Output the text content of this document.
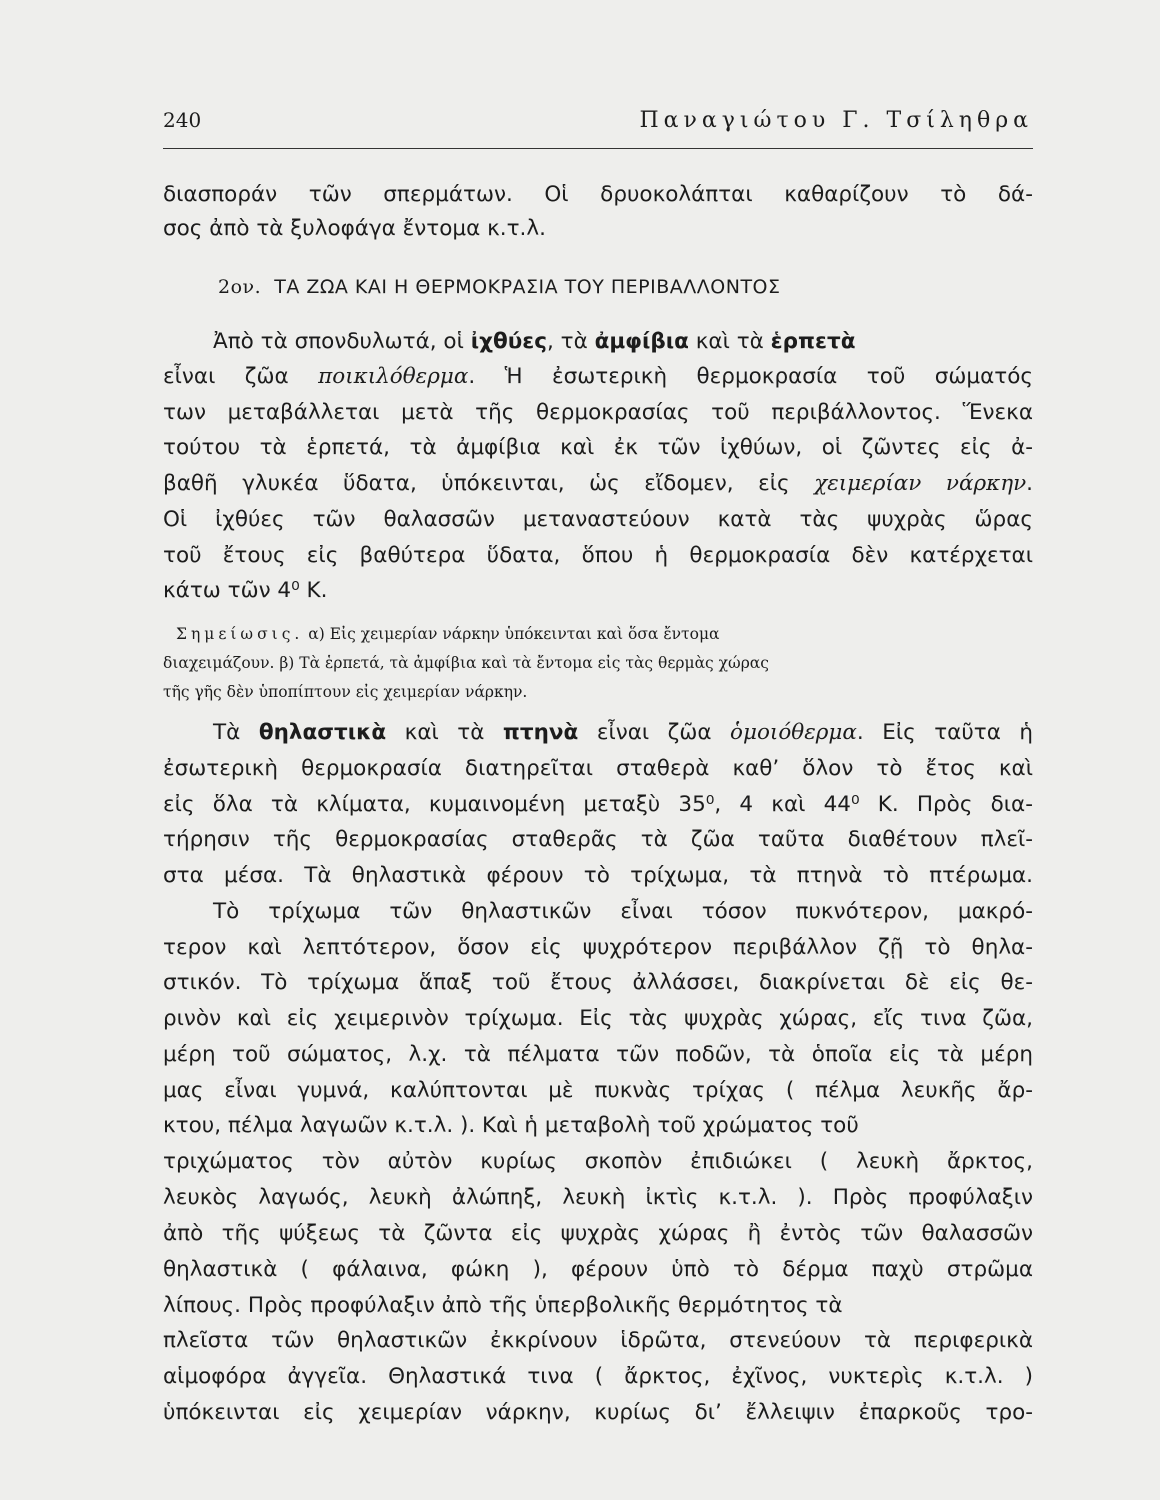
240	Παναγιώτου Γ. Τσίληθρα
διασποράν τῶν σπερμάτων. Οἱ δρυοκολάπται καθαρίζουν τὸ δά-
σος ἀπὸ τὰ ξυλοφάγα ἔντομα κ.τ.λ.
2ον. ΤΑ ΖΩΑ ΚΑΙ Η ΘΕΡΜΟΚΡΑΣΙΑ ΤΟΥ ΠΕΡΙΒΑΛΛΟΝΤΟΣ
Ἀπὸ τὰ σπονδυλωτά, οἱ ἰχθύες, τὰ ἀμφίβια καὶ τὰ ἑρπετὰ
εἶναι ζῶα ποικιλόθερμα. Ἡ ἐσωτερικὴ θερμοκρασία τοῦ σώματός
των μεταβάλλεται μετὰ τῆς θερμοκρασίας τοῦ περιβάλλοντος. Ἕνεκα
τούτου τὰ ἑρπετά, τὰ ἀμφίβια καὶ ἐκ τῶν ἰχθύων, οἱ ζῶντες εἰς ἀ-
βαθῆ γλυκέα ὕδατα, ὑπόκεινται, ὡς εἴδομεν, εἰς χειμερίαν νάρκην.
Οἱ ἰχθύες τῶν θαλασσῶν μεταναστεύουν κατὰ τὰς ψυχρὰς ὥρας
τοῦ ἔτους εἰς βαθύτερα ὕδατα, ὅπου ἡ θερμοκρασία δὲν κατέρχεται
κάτω τῶν 4⁰ Κ.
Σημείωσις. α) Εἰς χειμερίαν νάρκην ὑπόκεινται καὶ ὅσα ἔντομα
διαχειμάζουν. β) Τὰ ἑρπετά, τὰ ἀμφίβια καὶ τὰ ἔντομα εἰς τὰς θερμὰς χώρας
τῆς γῆς δὲν ὑποπίπτουν εἰς χειμερίαν νάρκην.
Τὰ θηλαστικὰ καὶ τὰ πτηνὰ εἶναι ζῶα ὁμοιόθερμα. Εἰς ταῦτα ἡ
ἐσωτερικὴ θερμοκρασία διατηρεῖται σταθερὰ καθ’ ὅλον τὸ ἔτος καὶ
εἰς ὅλα τὰ κλίματα, κυμαινομένη μεταξὺ 35⁰, 4 καὶ 44⁰ Κ. Πρὸς δια-
τήρησιν τῆς θερμοκρασίας σταθερᾶς τὰ ζῶα ταῦτα διαθέτουν πλεῖ-
στα μέσα. Τὰ θηλαστικὰ φέρουν τὸ τρίχωμα, τὰ πτηνὰ τὸ πτέρωμα.
Τὸ τρίχωμα τῶν θηλαστικῶν εἶναι τόσον πυκνότερον, μακρό-
τερον καὶ λεπτότερον, ὅσον εἰς ψυχρότερον περιβάλλον ζῇ τὸ θηλα-
στικόν. Τὸ τρίχωμα ἅπαξ τοῦ ἔτους ἀλλάσσει, διακρίνεται δὲ εἰς θε-
ρινὸν καὶ εἰς χειμερινὸν τρίχωμα. Εἰς τὰς ψυχρὰς χώρας, εἴς τινα ζῶα,
μέρη τοῦ σώματος, λ.χ. τὰ πέλματα τῶν ποδῶν, τὰ ὁποῖα εἰς τὰ μέρη
μας εἶναι γυμνά, καλύπτονται μὲ πυκνὰς τρίχας ( πέλμα λευκῆς ἄρ-
κτου, πέλμα λαγωῶν κ.τ.λ. ). Καὶ ἡ μεταβολὴ τοῦ χρώματος τοῦ
τριχώματος τὸν αὐτὸν κυρίως σκοπὸν ἐπιδιώκει ( λευκὴ ἄρκτος,
λευκὸς λαγωός, λευκὴ ἀλώπηξ, λευκὴ ἰκτὶς κ.τ.λ. ). Πρὸς προφύλαξιν
ἀπὸ τῆς ψύξεως τὰ ζῶντα εἰς ψυχρὰς χώρας ἢ ἐντὸς τῶν θαλασσῶν
θηλαστικὰ ( φάλαινα, φώκη ), φέρουν ὑπὸ τὸ δέρμα παχὺ στρῶμα
λίπους. Πρὸς προφύλαξιν ἀπὸ τῆς ὑπερβολικῆς θερμότητος τὰ
πλεῖστα τῶν θηλαστικῶν ἐκκρίνουν ἱδρῶτα, στενεύουν τὰ περιφερικὰ
αἱμοφόρα ἀγγεῖα. Θηλαστικά τινα ( ἄρκτος, ἐχῖνος, νυκτερὶς κ.τ.λ. )
ὑπόκεινται εἰς χειμερίαν νάρκην, κυρίως δι’ ἔλλειψιν ἐπαρκοῦς τρο-
